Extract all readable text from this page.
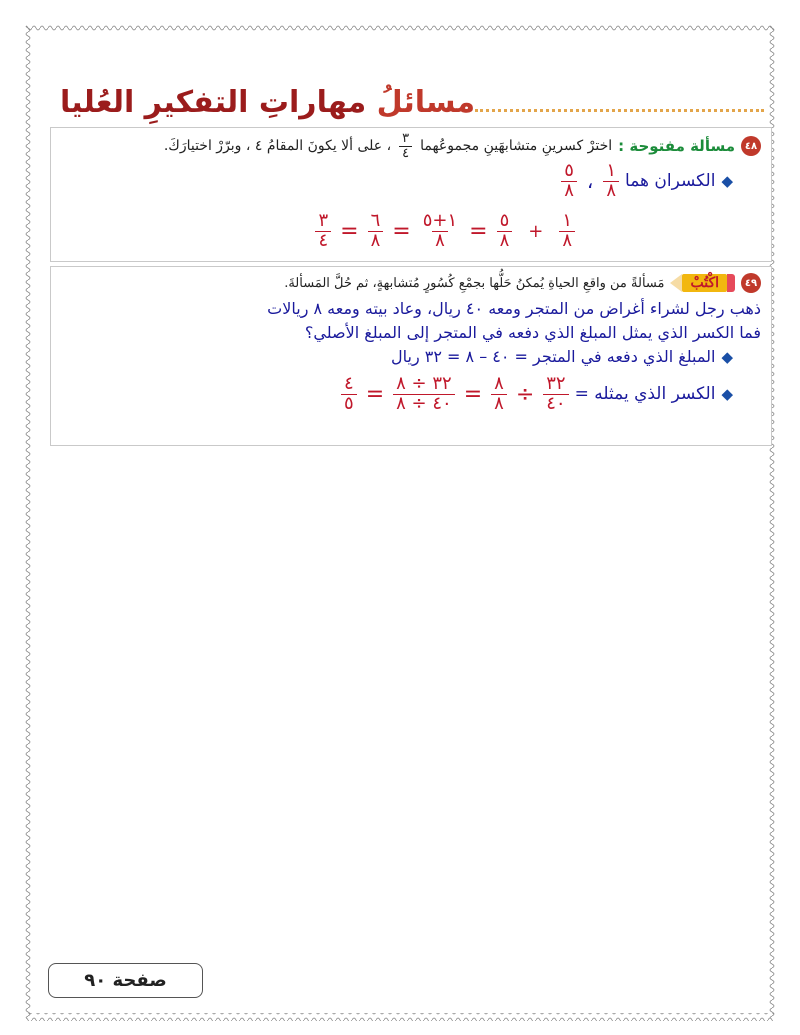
مسائلُ مهاراتِ التفكيرِ العُليا
٤٨
مسألة مفتوحة :
اخترْ كسرينِ متشابهَينِ مجموعُهما
$\frac{٣}{٤}$
، على ألا يكونَ المقامُ ٤ ، وبرّرْ اختيارَكَ.
◆
الكسران هما
$\frac{١}{٨}$
،
$\frac{٥}{٨}$
$\frac{١}{٨}$
+
$\frac{٥}{٨}$
=
$\frac{١+٥}{٨}$
=
$\frac{٦}{٨}$
=
$\frac{٣}{٤}$
٤٩
اكْتُبْ
مَسألةً من واقعِ الحياةِ يُمكنُ حَلُّها بجمْعِ كُسُورٍ مُتشابهةٍ، ثم حُلَّ المَسألةَ.
ذهب رجل لشراء أغراض من المتجر ومعه ٤٠ ريال، وعاد بيته ومعه ٨ ريالات
فما الكسر الذي يمثل المبلغ الذي دفعه في المتجر إلى المبلغ الأصلي؟
◆
المبلغ الذي دفعه في المتجر = ٤٠ – ٨ = ٣٢ ريال
◆
الكسر الذي يمثله =
$\frac{٣٢}{٤٠}$
÷
$\frac{٨}{٨}$
=
$\frac{٣٢ \div ٨}{٤٠ \div ٨}$
=
$\frac{٤}{٥}$
صفحة ٩٠
